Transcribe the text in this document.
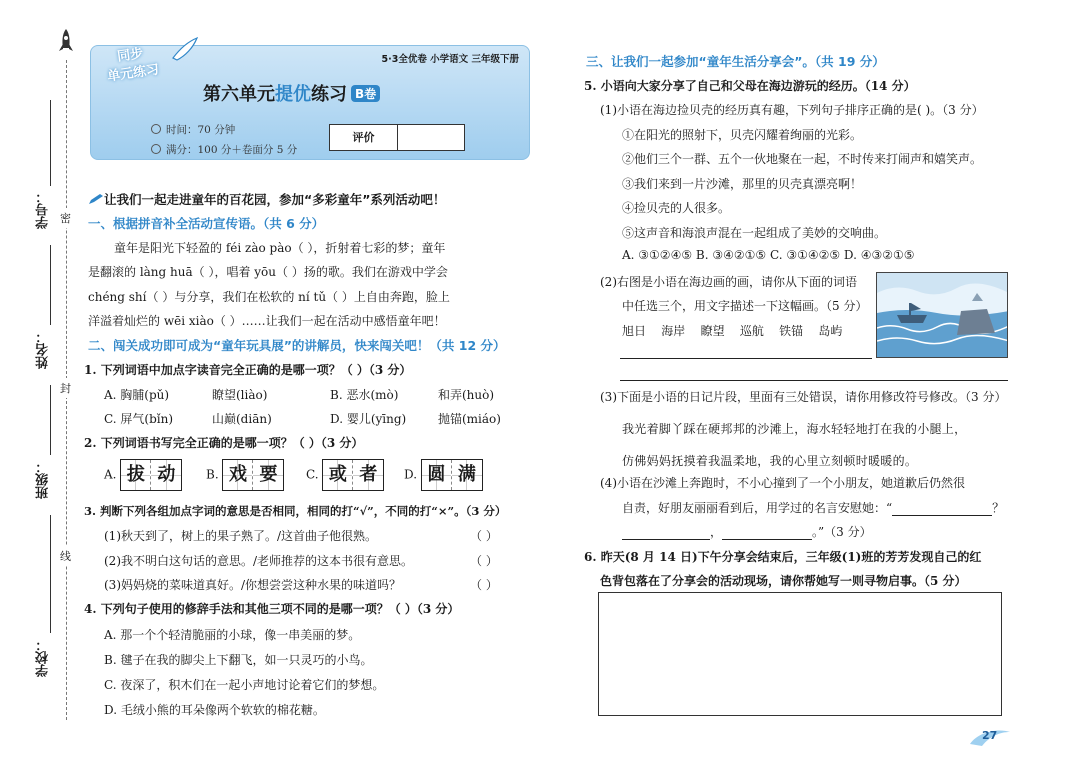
密
封
线
学号：
姓名：
班级：
学校：
同步
单元练习
5·3全优卷 小学语文 三年级下册
第六单元提优练习 B卷
时间：70 分钟
满分：100 分＋卷面分 5 分
评价
让我们一起走进童年的百花园，参加“多彩童年”系列活动吧！
一、根据拼音补全活动宣传语。（共 6 分）
童年是阳光下轻盈的 féi zào pào（ ），折射着七彩的梦；童年
是翻滚的 làng huā（ ），唱着 yōu（ ）扬的歌。我们在游戏中学会
chéng shí（ ）与分享，我们在松软的 ní tǔ（ ）上自由奔跑，脸上
洋溢着灿烂的 wēi xiào（ ）……让我们一起在活动中感悟童年吧！
二、闯关成功即可成为“童年玩具展”的讲解员，快来闯关吧！（共 12 分）
1. 下列词语中加点字读音完全正确的是哪一项？（ ）（3 分）
A. 胸脯(pǔ)	瞭望(liào)	B. 恶水(mò)	和弄(huò)
C. 屏气(bǐn)	山巅(diān)	D. 婴儿(yīng)	抛锚(miáo)
2. 下列词语书写完全正确的是哪一项？（ ）（3 分）
A. 拔 动	B. 戏 要	C. 或 者	D. 圆 满
3. 判断下列各组加点字词的意思是否相同，相同的打“√”，不同的打“×”。（3 分）
(1)秋天到了，树上的果子熟了。/这首曲子他很熟。	（ ）
(2)我不明白这句话的意思。/老师推荐的这本书很有意思。	（ ）
(3)妈妈烧的菜味道真好。/你想尝尝这种水果的味道吗？	（ ）
4. 下列句子使用的修辞手法和其他三项不同的是哪一项？（ ）（3 分）
A. 那一个个轻清脆丽的小球，像一串美丽的梦。
B. 毽子在我的脚尖上下翻飞，如一只灵巧的小鸟。
C. 夜深了，积木们在一起小声地讨论着它们的梦想。
D. 毛绒小熊的耳朵像两个软软的棉花糖。
三、让我们一起参加“童年生活分享会”。（共 19 分）
5. 小语向大家分享了自己和父母在海边游玩的经历。（14 分）
(1)小语在海边捡贝壳的经历真有趣，下列句子排序正确的是( )。（3 分）
①在阳光的照射下，贝壳闪耀着绚丽的光彩。
②他们三个一群、五个一伙地聚在一起，不时传来打闹声和嬉笑声。
③我们来到一片沙滩，那里的贝壳真漂亮啊！
④捡贝壳的人很多。
⑤这声音和海浪声混在一起组成了美妙的交响曲。
A. ③①②④⑤ B. ③④②①⑤ C. ③①④②⑤ D. ④③②①⑤
(2)右图是小语在海边画的画，请你从下面的词语
中任选三个，用文字描述一下这幅画。（5 分）
旭日 海岸 瞭望 巡航 铁锚 岛屿
(3)下面是小语的日记片段，里面有三处错误，请你用修改符号修改。（3 分）
我光着脚丫踩在硬邦邦的沙滩上，海水轻轻地打在我的小腿上，
仿佛妈妈抚摸着我温柔地，我的心里立刻顿时暖暖的。
(4)小语在沙滩上奔跑时，不小心撞到了一个小朋友，她道歉后仍然很
自责，好朋友丽丽看到后，用学过的名言安慰她：“	？
，	。”（3 分）
6. 昨天(8 月 14 日)下午分享会结束后，三年级(1)班的芳芳发现自己的红
色背包落在了分享会的活动现场，请你帮她写一则寻物启事。（5 分）
27
